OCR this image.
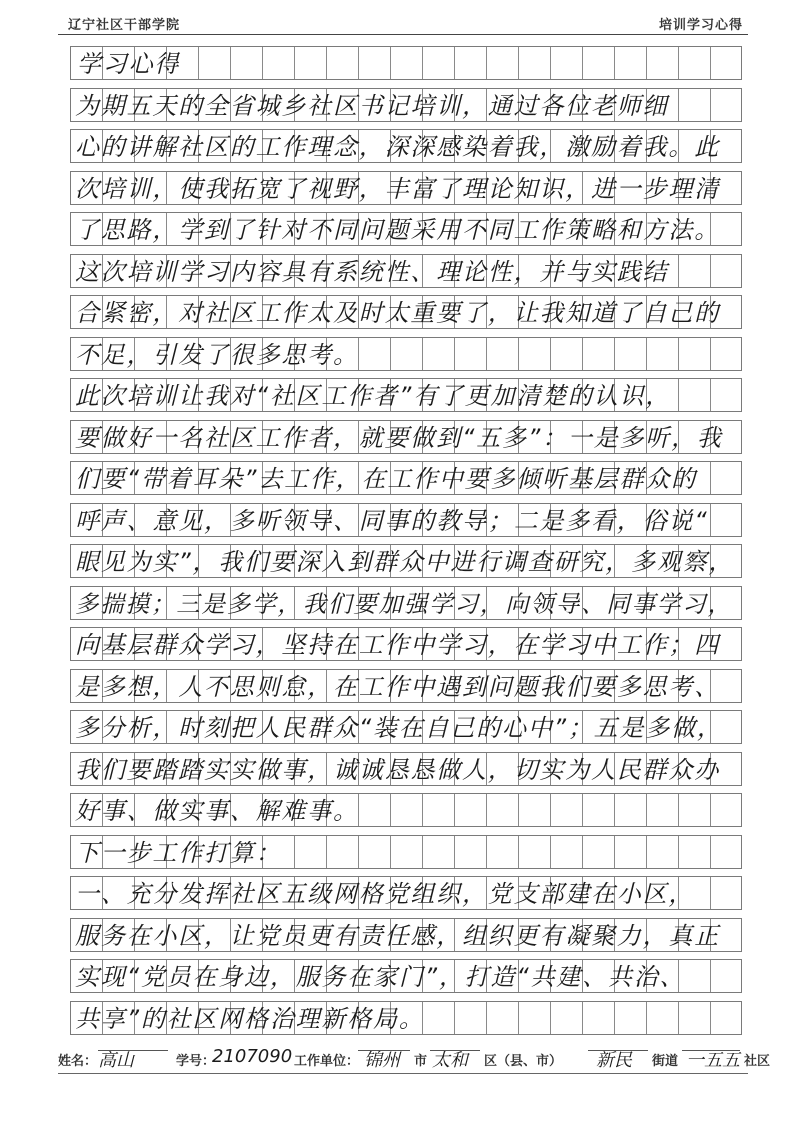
辽宁社区干部学院	培训学习心得
学习心得
为期五天的全省城乡社区书记培训，通过各位老师细
心的讲解社区的工作理念，深深感染着我，激励着我。此
次培训，使我拓宽了视野，丰富了理论知识，进一步理清
了思路，学到了针对不同问题采用不同工作策略和方法。
这次培训学习内容具有系统性、理论性，并与实践结
合紧密，对社区工作太及时太重要了，让我知道了自己的
不足，引发了很多思考。
此次培训让我对“社区工作者”有了更加清楚的认识，
要做好一名社区工作者，就要做到“五多”：一是多听，我
们要“带着耳朵”去工作，在工作中要多倾听基层群众的
呼声、意见，多听领导、同事的教导；二是多看，俗说“
眼见为实”，我们要深入到群众中进行调查研究，多观察，
多揣摸；三是多学，我们要加强学习，向领导、同事学习，
向基层群众学习，坚持在工作中学习，在学习中工作；四
是多想，人不思则怠，在工作中遇到问题我们要多思考、
多分析，时刻把人民群众“装在自己的心中”；五是多做，
我们要踏踏实实做事，诚诚恳恳做人，切实为人民群众办
好事、做实事、解难事。
下一步工作打算：
一、充分发挥社区五级网格党组织，党支部建在小区，
服务在小区，让党员更有责任感，组织更有凝聚力，真正
实现“党员在身边，服务在家门”，打造“共建、共治、
共享”的社区网格治理新格局。
姓名： 高山	学号：
2107090 工作单位： 锦州 市 太和 区（县、市） 新民 街道 一五五 社区
